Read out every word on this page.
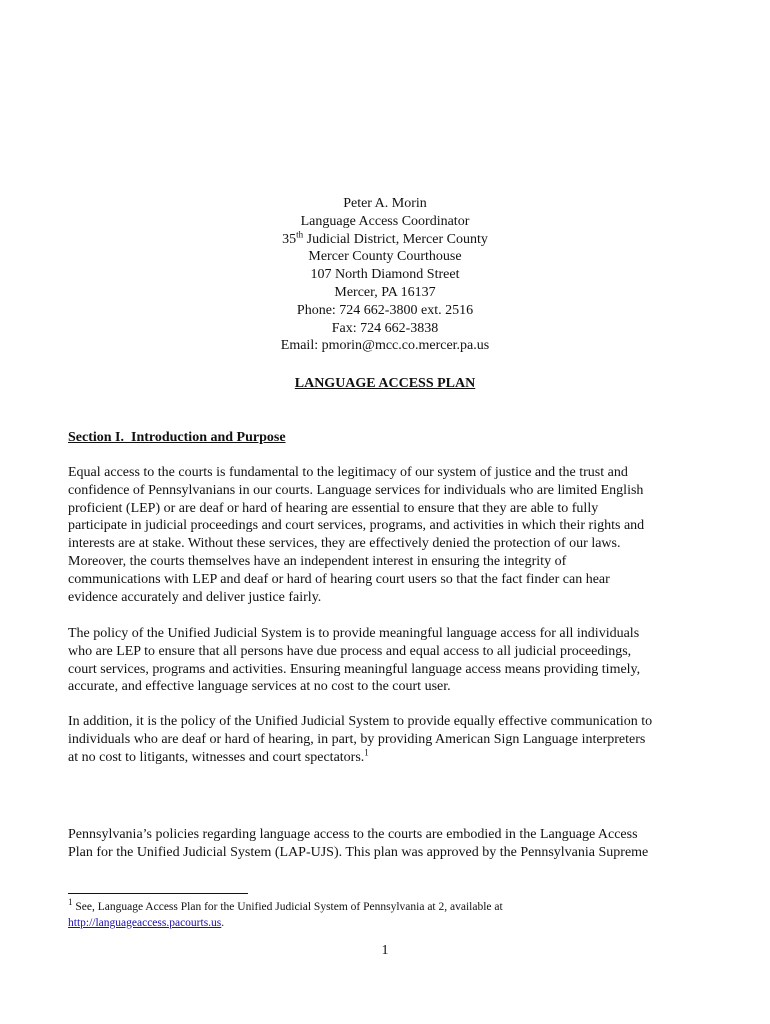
Peter A. Morin
Language Access Coordinator
35th Judicial District, Mercer County
Mercer County Courthouse
107 North Diamond Street
Mercer, PA 16137
Phone: 724 662-3800 ext. 2516
Fax: 724 662-3838
Email: pmorin@mcc.co.mercer.pa.us
LANGUAGE ACCESS PLAN
Section I.  Introduction and Purpose
Equal access to the courts is fundamental to the legitimacy of our system of justice and the trust and
confidence of Pennsylvanians in our courts. Language services for individuals who are limited English
proficient (LEP) or are deaf or hard of hearing are essential to ensure that they are able to fully
participate in judicial proceedings and court services, programs, and activities in which their rights and
interests are at stake. Without these services, they are effectively denied the protection of our laws.
Moreover, the courts themselves have an independent interest in ensuring the integrity of
communications with LEP and deaf or hard of hearing court users so that the fact finder can hear
evidence accurately and deliver justice fairly.
The policy of the Unified Judicial System is to provide meaningful language access for all individuals
who are LEP to ensure that all persons have due process and equal access to all judicial proceedings,
court services, programs and activities. Ensuring meaningful language access means providing timely,
accurate, and effective language services at no cost to the court user.
In addition, it is the policy of the Unified Judicial System to provide equally effective communication to
individuals who are deaf or hard of hearing, in part, by providing American Sign Language interpreters
at no cost to litigants, witnesses and court spectators.$^1$
Pennsylvania’s policies regarding language access to the courts are embodied in the Language Access
Plan for the Unified Judicial System (LAP-UJS). This plan was approved by the Pennsylvania Supreme
$^1$ See, Language Access Plan for the Unified Judicial System of Pennsylvania at 2, available at
http://languageaccess.pacourts.us.
1
